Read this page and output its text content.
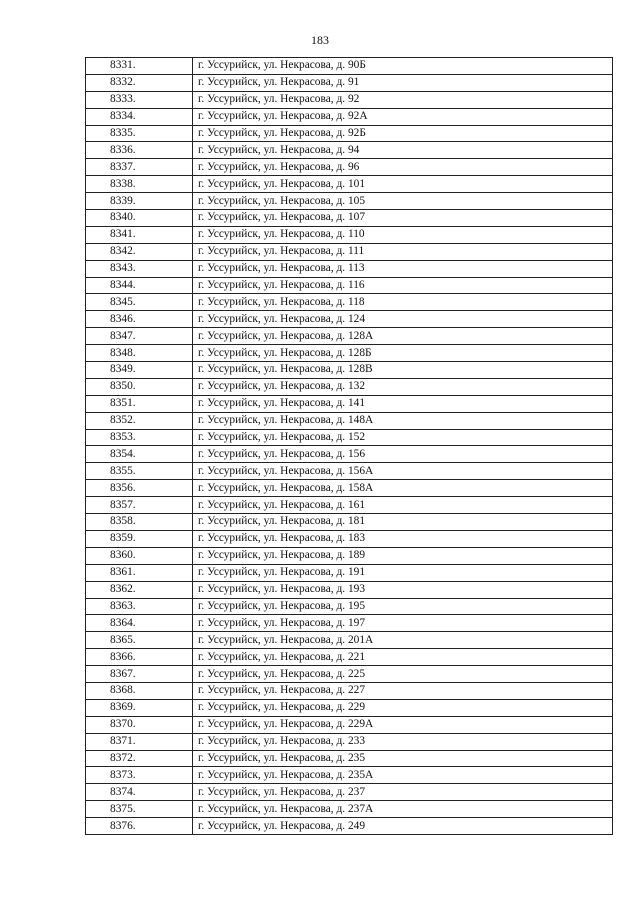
183
8331.	г. Уссурийск, ул. Некрасова, д. 90Б
8332.	г. Уссурийск, ул. Некрасова, д. 91
8333.	г. Уссурийск, ул. Некрасова, д. 92
8334.	г. Уссурийск, ул. Некрасова, д. 92А
8335.	г. Уссурийск, ул. Некрасова, д. 92Б
8336.	г. Уссурийск, ул. Некрасова, д. 94
8337.	г. Уссурийск, ул. Некрасова, д. 96
8338.	г. Уссурийск, ул. Некрасова, д. 101
8339.	г. Уссурийск, ул. Некрасова, д. 105
8340.	г. Уссурийск, ул. Некрасова, д. 107
8341.	г. Уссурийск, ул. Некрасова, д. 110
8342.	г. Уссурийск, ул. Некрасова, д. 111
8343.	г. Уссурийск, ул. Некрасова, д. 113
8344.	г. Уссурийск, ул. Некрасова, д. 116
8345.	г. Уссурийск, ул. Некрасова, д. 118
8346.	г. Уссурийск, ул. Некрасова, д. 124
8347.	г. Уссурийск, ул. Некрасова, д. 128А
8348.	г. Уссурийск, ул. Некрасова, д. 128Б
8349.	г. Уссурийск, ул. Некрасова, д. 128В
8350.	г. Уссурийск, ул. Некрасова, д. 132
8351.	г. Уссурийск, ул. Некрасова, д. 141
8352.	г. Уссурийск, ул. Некрасова, д. 148А
8353.	г. Уссурийск, ул. Некрасова, д. 152
8354.	г. Уссурийск, ул. Некрасова, д. 156
8355.	г. Уссурийск, ул. Некрасова, д. 156А
8356.	г. Уссурийск, ул. Некрасова, д. 158А
8357.	г. Уссурийск, ул. Некрасова, д. 161
8358.	г. Уссурийск, ул. Некрасова, д. 181
8359.	г. Уссурийск, ул. Некрасова, д. 183
8360.	г. Уссурийск, ул. Некрасова, д. 189
8361.	г. Уссурийск, ул. Некрасова, д. 191
8362.	г. Уссурийск, ул. Некрасова, д. 193
8363.	г. Уссурийск, ул. Некрасова, д. 195
8364.	г. Уссурийск, ул. Некрасова, д. 197
8365.	г. Уссурийск, ул. Некрасова, д. 201А
8366.	г. Уссурийск, ул. Некрасова, д. 221
8367.	г. Уссурийск, ул. Некрасова, д. 225
8368.	г. Уссурийск, ул. Некрасова, д. 227
8369.	г. Уссурийск, ул. Некрасова, д. 229
8370.	г. Уссурийск, ул. Некрасова, д. 229А
8371.	г. Уссурийск, ул. Некрасова, д. 233
8372.	г. Уссурийск, ул. Некрасова, д. 235
8373.	г. Уссурийск, ул. Некрасова, д. 235А
8374.	г. Уссурийск, ул. Некрасова, д. 237
8375.	г. Уссурийск, ул. Некрасова, д. 237А
8376.	г. Уссурийск, ул. Некрасова, д. 249
